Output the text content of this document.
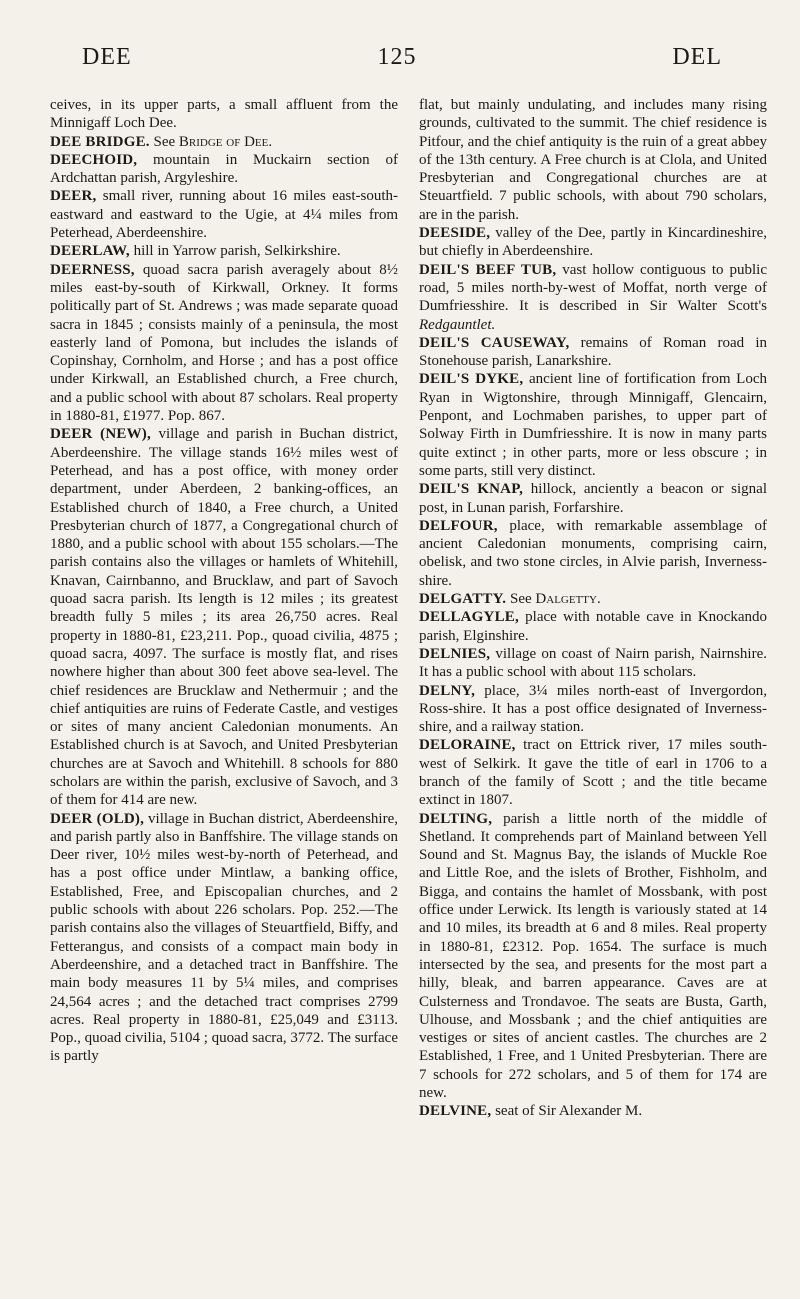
DEE	125	DEL

ceives, in its upper parts, a small affluent from the Minnigaff Loch Dee.

DEE BRIDGE. See Bridge of Dee.

DEECHOID, mountain in Muckairn section of Ardchattan parish, Argyleshire.

DEER, small river, running about 16 miles east-south-eastward and eastward to the Ugie, at 4¼ miles from Peterhead, Aberdeenshire.

DEERLAW, hill in Yarrow parish, Selkirkshire.

DEERNESS, quoad sacra parish averagely about 8½ miles east-by-south of Kirkwall, Orkney. It forms politically part of St. Andrews ; was made separate quoad sacra in 1845 ; consists mainly of a peninsula, the most easterly land of Pomona, but includes the islands of Copinshay, Cornholm, and Horse ; and has a post office under Kirkwall, an Established church, a Free church, and a public school with about 87 scholars. Real property in 1880-81, £1977. Pop. 867.

DEER (NEW), village and parish in Buchan district, Aberdeenshire. The village stands 16½ miles west of Peterhead, and has a post office, with money order department, under Aberdeen, 2 banking-offices, an Established church of 1840, a Free church, a United Presbyterian church of 1877, a Congregational church of 1880, and a public school with about 155 scholars.—The parish contains also the villages or hamlets of Whitehill, Knavan, Cairnbanno, and Brucklaw, and part of Savoch quoad sacra parish. Its length is 12 miles ; its greatest breadth fully 5 miles ; its area 26,750 acres. Real property in 1880-81, £23,211. Pop., quoad civilia, 4875 ; quoad sacra, 4097. The surface is mostly flat, and rises nowhere higher than about 300 feet above sea-level. The chief residences are Brucklaw and Nethermuir ; and the chief antiquities are ruins of Federate Castle, and vestiges or sites of many ancient Caledonian monuments. An Established church is at Savoch, and United Presbyterian churches are at Savoch and Whitehill. 8 schools for 880 scholars are within the parish, exclusive of Savoch, and 3 of them for 414 are new.

DEER (OLD), village in Buchan district, Aberdeenshire, and parish partly also in Banffshire. The village stands on Deer river, 10½ miles west-by-north of Peterhead, and has a post office under Mintlaw, a banking office, Established, Free, and Episcopalian churches, and 2 public schools with about 226 scholars. Pop. 252.—The parish contains also the villages of Steuartfield, Biffy, and Fetterangus, and consists of a compact main body in Aberdeenshire, and a detached tract in Banffshire. The main body measures 11 by 5¼ miles, and comprises 24,564 acres ; and the detached tract comprises 2799 acres. Real property in 1880-81, £25,049 and £3113. Pop., quoad civilia, 5104 ; quoad sacra, 3772. The surface is partly

flat, but mainly undulating, and includes many rising grounds, cultivated to the summit. The chief residence is Pitfour, and the chief antiquity is the ruin of a great abbey of the 13th century. A Free church is at Clola, and United Presbyterian and Congregational churches are at Steuartfield. 7 public schools, with about 790 scholars, are in the parish.

DEESIDE, valley of the Dee, partly in Kincardineshire, but chiefly in Aberdeenshire.

DEIL'S BEEF TUB, vast hollow contiguous to public road, 5 miles north-by-west of Moffat, north verge of Dumfriesshire. It is described in Sir Walter Scott's Redgauntlet.

DEIL'S CAUSEWAY, remains of Roman road in Stonehouse parish, Lanarkshire.

DEIL'S DYKE, ancient line of fortification from Loch Ryan in Wigtonshire, through Minnigaff, Glencairn, Penpont, and Lochmaben parishes, to upper part of Solway Firth in Dumfriesshire. It is now in many parts quite extinct ; in other parts, more or less obscure ; in some parts, still very distinct.

DEIL'S KNAP, hillock, anciently a beacon or signal post, in Lunan parish, Forfarshire.

DELFOUR, place, with remarkable assemblage of ancient Caledonian monuments, comprising cairn, obelisk, and two stone circles, in Alvie parish, Inverness-shire.

DELGATTY. See Dalgetty.

DELLAGYLE, place with notable cave in Knockando parish, Elginshire.

DELNIES, village on coast of Nairn parish, Nairnshire. It has a public school with about 115 scholars.

DELNY, place, 3¼ miles north-east of Invergordon, Ross-shire. It has a post office designated of Inverness-shire, and a railway station.

DELORAINE, tract on Ettrick river, 17 miles south-west of Selkirk. It gave the title of earl in 1706 to a branch of the family of Scott ; and the title became extinct in 1807.

DELTING, parish a little north of the middle of Shetland. It comprehends part of Mainland between Yell Sound and St. Magnus Bay, the islands of Muckle Roe and Little Roe, and the islets of Brother, Fishholm, and Bigga, and contains the hamlet of Mossbank, with post office under Lerwick. Its length is variously stated at 14 and 10 miles, its breadth at 6 and 8 miles. Real property in 1880-81, £2312. Pop. 1654. The surface is much intersected by the sea, and presents for the most part a hilly, bleak, and barren appearance. Caves are at Culsterness and Trondavoe. The seats are Busta, Garth, Ulhouse, and Mossbank ; and the chief antiquities are vestiges or sites of ancient castles. The churches are 2 Established, 1 Free, and 1 United Presbyterian. There are 7 schools for 272 scholars, and 5 of them for 174 are new.

DELVINE, seat of Sir Alexander M.
